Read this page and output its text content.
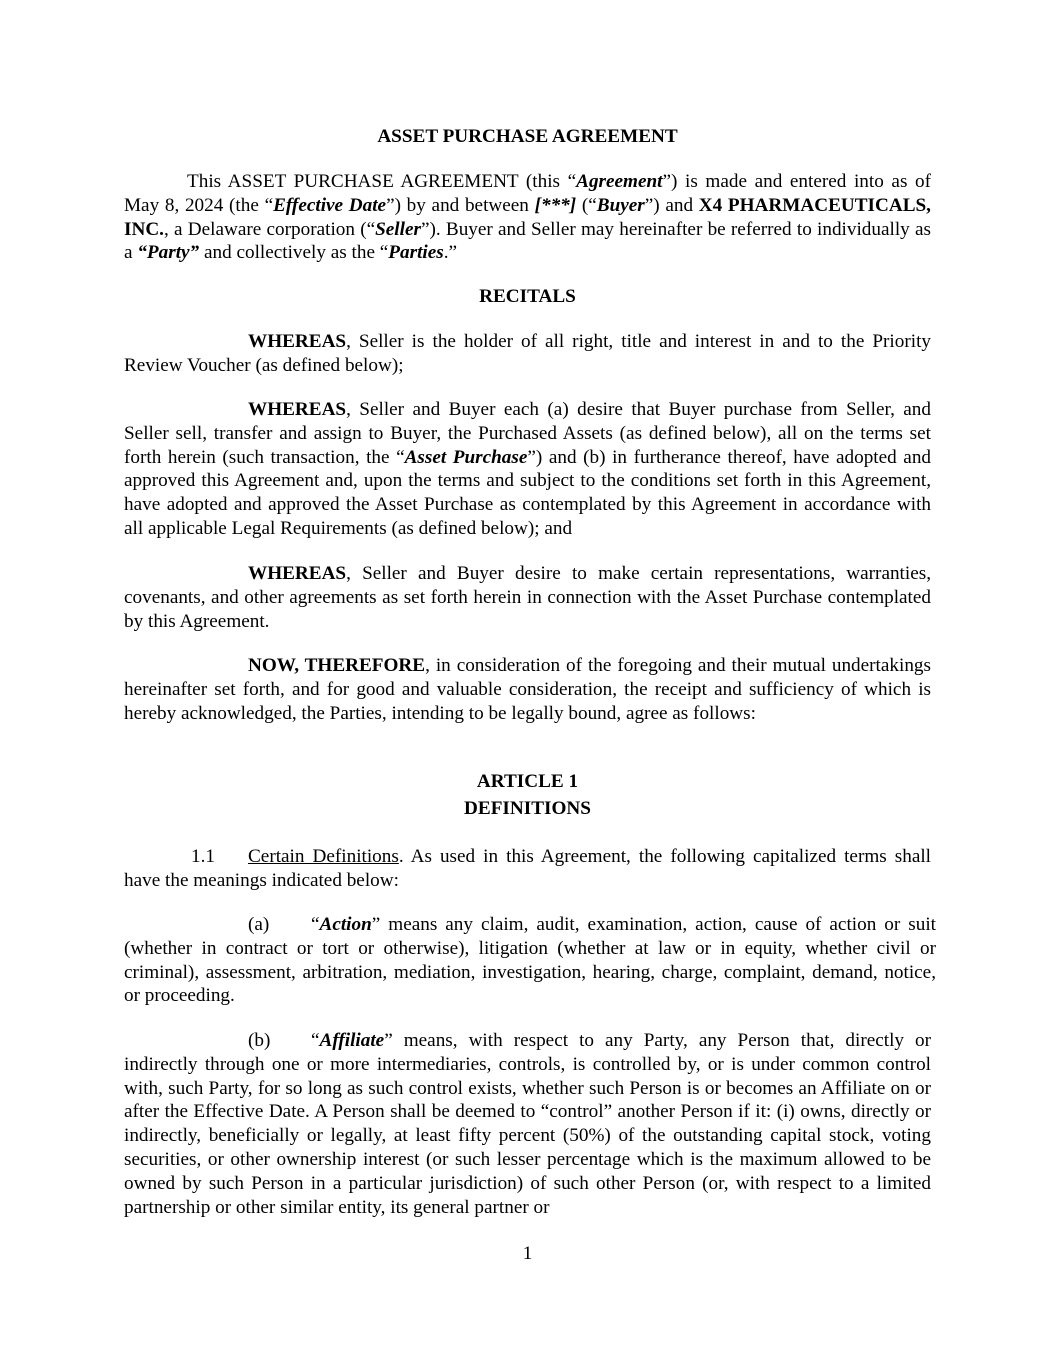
ASSET PURCHASE AGREEMENT
This ASSET PURCHASE AGREEMENT (this “Agreement”) is made and entered into as of May 8, 2024 (the “Effective Date”) by and between [***] (“Buyer”) and X4 PHARMACEUTICALS, INC., a Delaware corporation (“Seller”). Buyer and Seller may hereinafter be referred to individually as a “Party” and collectively as the “Parties.”
RECITALS
WHEREAS, Seller is the holder of all right, title and interest in and to the Priority Review Voucher (as defined below);
WHEREAS, Seller and Buyer each (a) desire that Buyer purchase from Seller, and Seller sell, transfer and assign to Buyer, the Purchased Assets (as defined below), all on the terms set forth herein (such transaction, the “Asset Purchase”) and (b) in furtherance thereof, have adopted and approved this Agreement and, upon the terms and subject to the conditions set forth in this Agreement, have adopted and approved the Asset Purchase as contemplated by this Agreement in accordance with all applicable Legal Requirements (as defined below); and
WHEREAS, Seller and Buyer desire to make certain representations, warranties, covenants, and other agreements as set forth herein in connection with the Asset Purchase contemplated by this Agreement.
NOW, THEREFORE, in consideration of the foregoing and their mutual undertakings hereinafter set forth, and for good and valuable consideration, the receipt and sufficiency of which is hereby acknowledged, the Parties, intending to be legally bound, agree as follows:
ARTICLE 1
DEFINITIONS
1.1 Certain Definitions. As used in this Agreement, the following capitalized terms shall have the meanings indicated below:
(a) “Action” means any claim, audit, examination, action, cause of action or suit (whether in contract or tort or otherwise), litigation (whether at law or in equity, whether civil or criminal), assessment, arbitration, mediation, investigation, hearing, charge, complaint, demand, notice, or proceeding.
(b) “Affiliate” means, with respect to any Party, any Person that, directly or indirectly through one or more intermediaries, controls, is controlled by, or is under common control with, such Party, for so long as such control exists, whether such Person is or becomes an Affiliate on or after the Effective Date. A Person shall be deemed to “control” another Person if it: (i) owns, directly or indirectly, beneficially or legally, at least fifty percent (50%) of the outstanding capital stock, voting securities, or other ownership interest (or such lesser percentage which is the maximum allowed to be owned by such Person in a particular jurisdiction) of such other Person (or, with respect to a limited partnership or other similar entity, its general partner or
1
